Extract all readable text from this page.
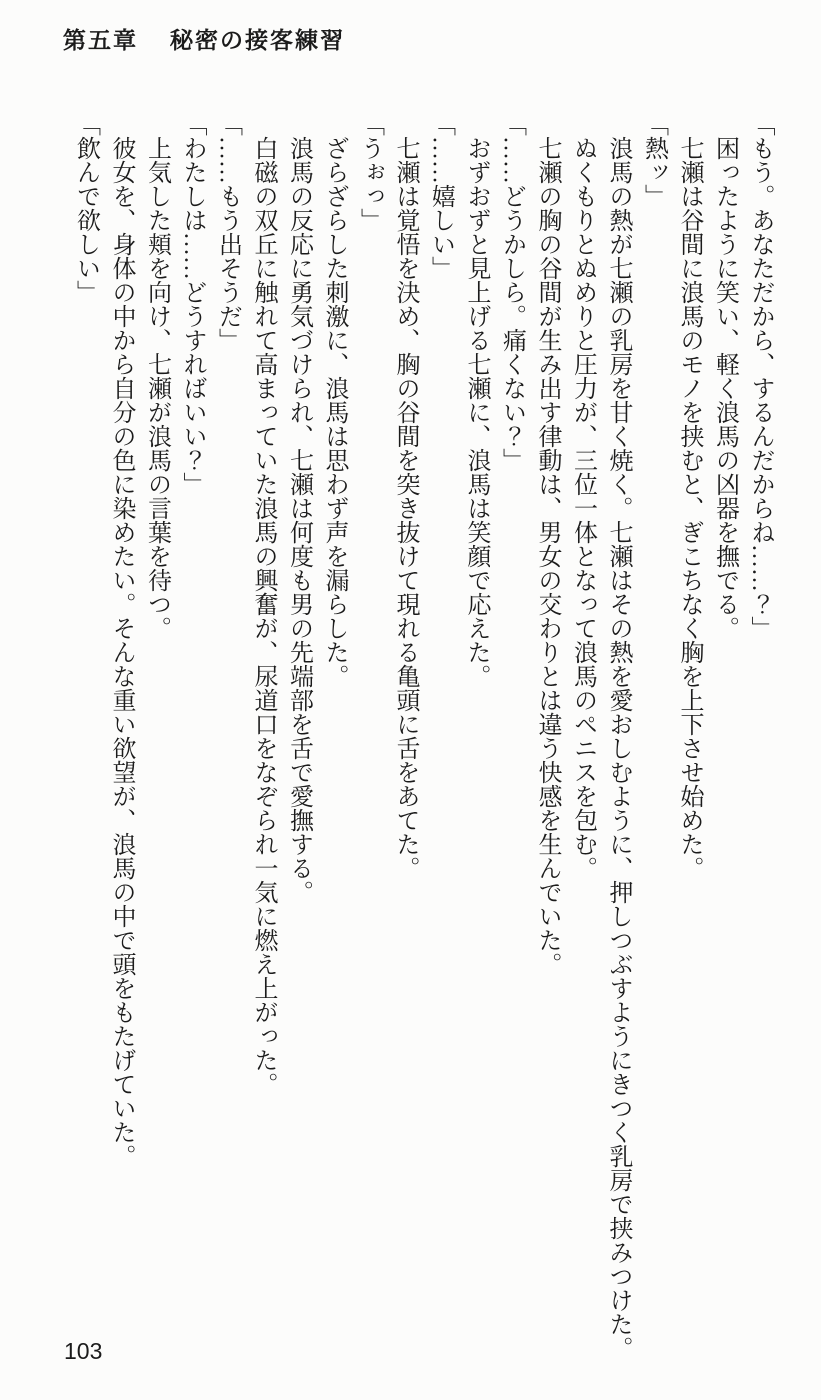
第五章 秘密の接客練習

「もう。あなただから、するんだからね……？」

困ったように笑い、軽く浪馬の凶器を撫でる。

七瀬は谷間に浪馬のモノを挟むと、ぎこちなく胸を上下させ始めた。

「熱ッ」

浪馬の熱が七瀬の乳房を甘く焼く。七瀬はその熱を愛おしむように、押しつぶすようにきつく乳房で挟みつけた。

ぬくもりとぬめりと圧力が、三位一体となって浪馬のペニスを包む。

七瀬の胸の谷間が生み出す律動は、男女の交わりとは違う快感を生んでいた。

「……どうかしら。痛くない？」

おずおずと見上げる七瀬に、浪馬は笑顔で応えた。

「……嬉しい」

七瀬は覚悟を決め、胸の谷間を突き抜けて現れる亀頭に舌をあてた。

「うぉっ」

ざらざらした刺激に、浪馬は思わず声を漏らした。

浪馬の反応に勇気づけられ、七瀬は何度も男の先端部を舌で愛撫する。

白磁の双丘に触れて高まっていた浪馬の興奮が、尿道口をなぞられ一気に燃え上がった。

「……もう出そうだ」

「わたしは……どうすればいい？」

上気した頬を向け、七瀬が浪馬の言葉を待つ。

彼女を、身体の中から自分の色に染めたい。そんな重い欲望が、浪馬の中で頭をもたげていた。

「飲んで欲しい」

103
